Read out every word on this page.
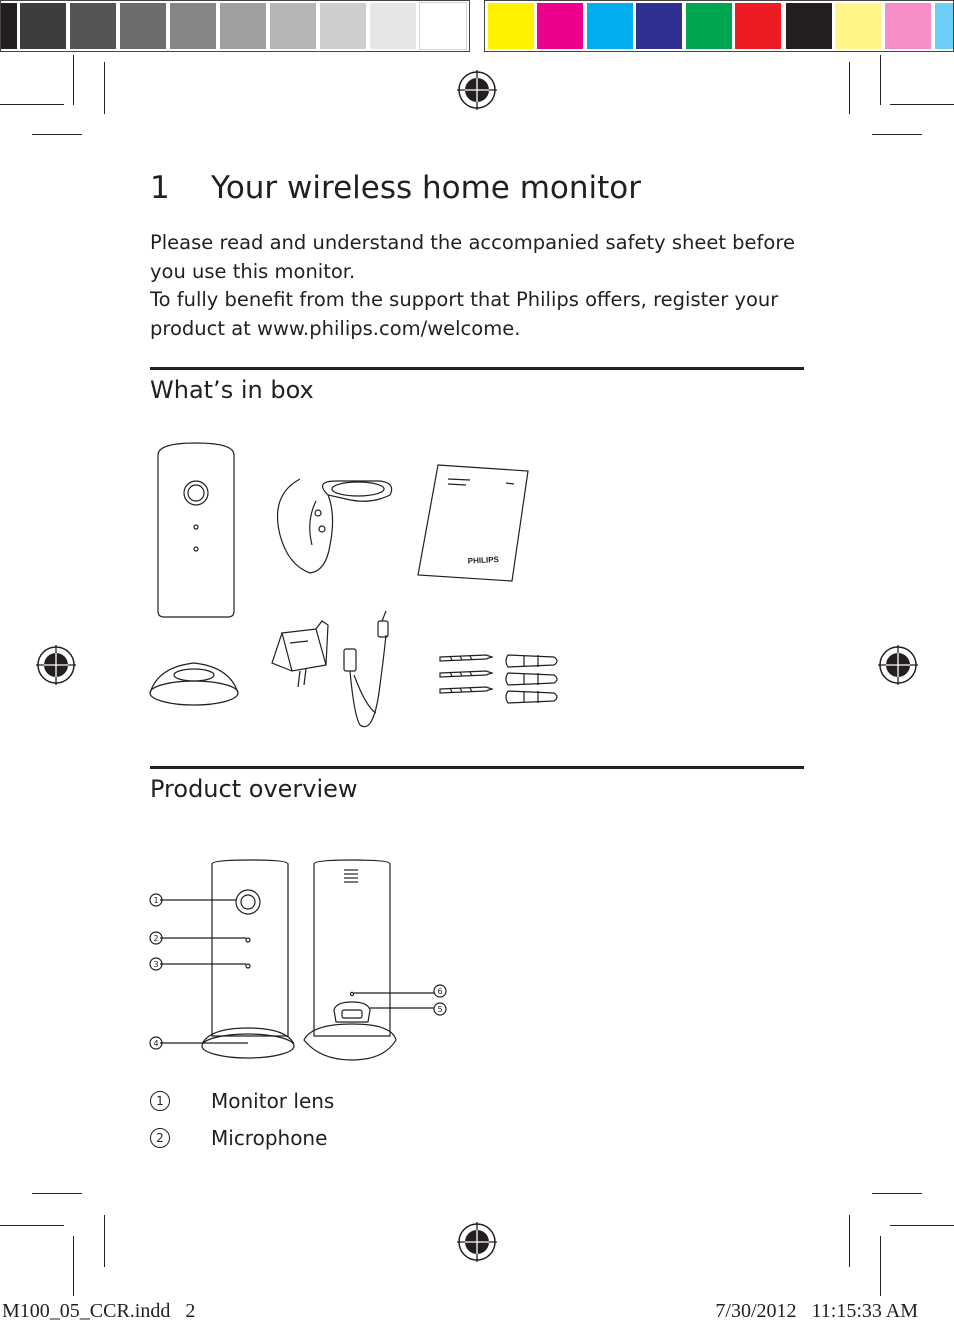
1 Your wireless home monitor

Please read and understand the accompanied safety sheet before you use this monitor.

To fully benefit from the support that Philips offers, register your product at www.philips.com/welcome.

What’s in box
PHILIPS
Product overview
1
2
3
4
6
5
1	Monitor lens
2	Microphone
M100_05_CCR.indd   2	7/30/2012   11:15:33 AM
